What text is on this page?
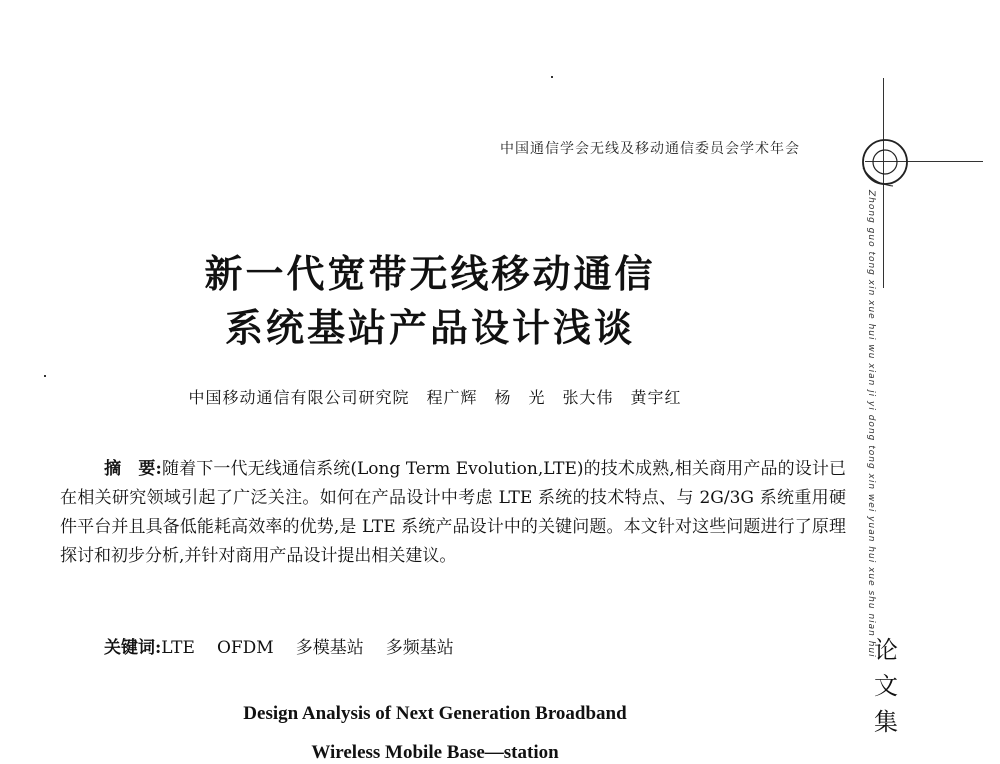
中国通信学会无线及移动通信委员会学术年会
Zhong guo tong xin xue hui wu xian ji yi dong tong xin wei yuan hui xue shu nian hui
论
文
集
新一代宽带无线移动通信
系统基站产品设计浅谈
中国移动通信有限公司研究院　程广辉　杨　光　张大伟　黄宇红
摘　要:随着下一代无线通信系统(Long Term Evolution,LTE)的技术成熟,相关商用产品的设计已在相关研究领域引起了广泛关注。如何在产品设计中考虑 LTE 系统的技术特点、与 2G/3G 系统重用硬件平台并且具备低能耗高效率的优势,是 LTE 系统产品设计中的关键问题。本文针对这些问题进行了原理探讨和初步分析,并针对商用产品设计提出相关建议。
关键词:LTE OFDM 多模基站 多频基站
Design Analysis of Next Generation Broadband
Wireless Mobile Base—station
